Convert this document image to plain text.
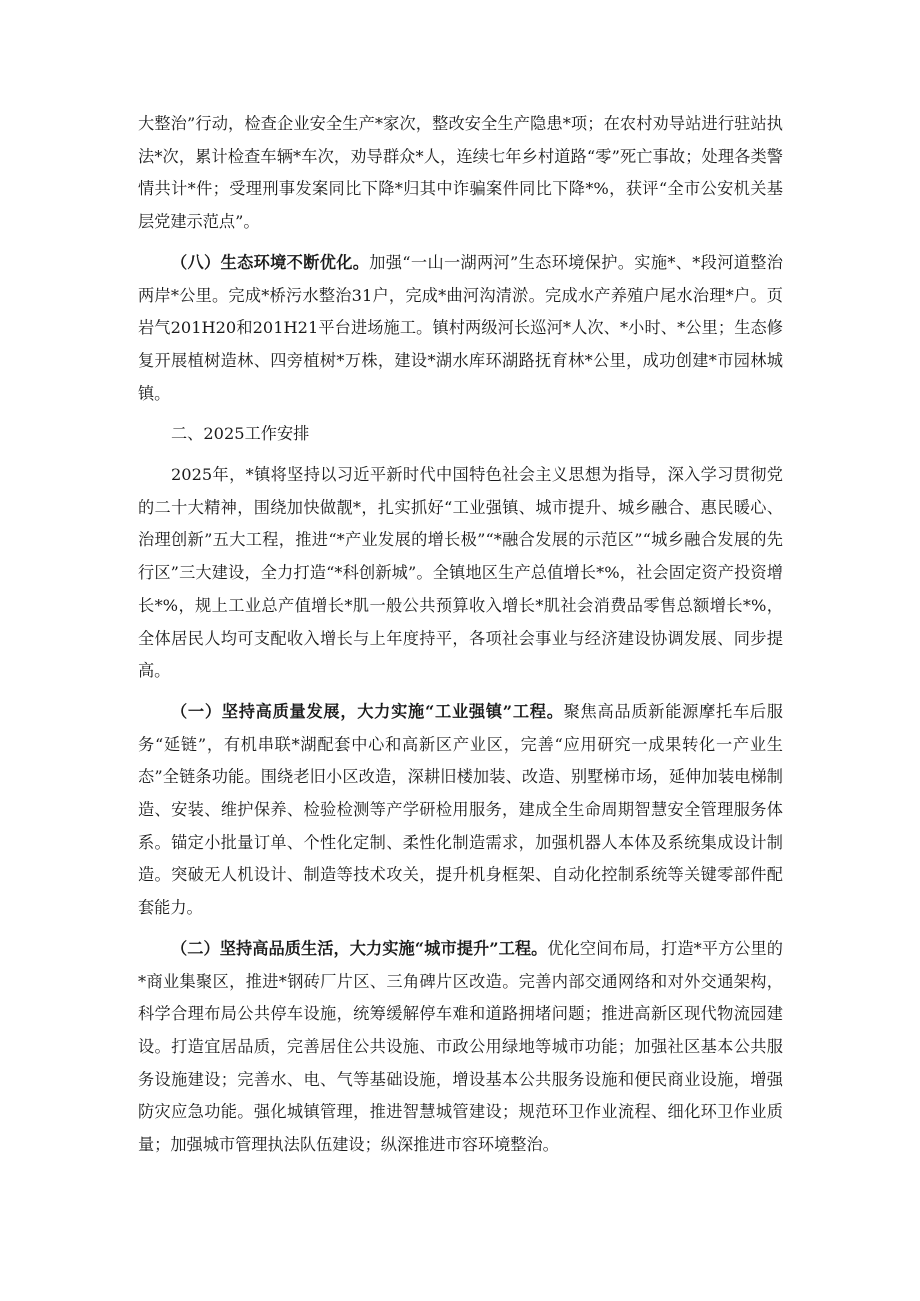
大整治”行动，检查企业安全生产*家次，整改安全生产隐患*项；在农村劝导站进行驻站执法*次，累计检查车辆*车次，劝导群众*人，连续七年乡村道路“零”死亡事故；处理各类警情共计*件；受理刑事发案同比下降*归其中诈骗案件同比下降*%，获评“全市公安机关基层党建示范点”。

（八）生态环境不断优化。加强“一山一湖两河”生态环境保护。实施*、*段河道整治两岸*公里。完成*桥污水整治31户，完成*曲河沟清淤。完成水产养殖户尾水治理*户。页岩气201H20和201H21平台进场施工。镇村两级河长巡河*人次、*小时、*公里；生态修复开展植树造林、四旁植树*万株，建设*湖水库环湖路抚育林*公里，成功创建*市园林城镇。

二、2025工作安排

2025年，*镇将坚持以习近平新时代中国特色社会主义思想为指导，深入学习贯彻党的二十大精神，围绕加快做靓*，扎实抓好“工业强镇、城市提升、城乡融合、惠民暖心、治理创新”五大工程，推进“*产业发展的增长极”“*融合发展的示范区”“城乡融合发展的先行区”三大建设，全力打造“*科创新城”。全镇地区生产总值增长*%，社会固定资产投资增长*%，规上工业总产值增长*肌一般公共预算收入增长*肌社会消费品零售总额增长*%，全体居民人均可支配收入增长与上年度持平，各项社会事业与经济建设协调发展、同步提高。

（一）坚持高质量发展，大力实施“工业强镇”工程。聚焦高品质新能源摩托车后服务“延链”，有机串联*湖配套中心和高新区产业区，完善“应用研究一成果转化一产业生态”全链条功能。围绕老旧小区改造，深耕旧楼加装、改造、别墅梯市场，延伸加装电梯制造、安装、维护保养、检验检测等产学研检用服务，建成全生命周期智慧安全管理服务体系。锚定小批量订单、个性化定制、柔性化制造需求，加强机器人本体及系统集成设计制造。突破无人机设计、制造等技术攻关，提升机身框架、自动化控制系统等关键零部件配套能力。

（二）坚持高品质生活，大力实施“城市提升”工程。优化空间布局，打造*平方公里的*商业集聚区，推进*钢砖厂片区、三角碑片区改造。完善内部交通网络和对外交通架构，科学合理布局公共停车设施，统筹缓解停车难和道路拥堵问题；推进高新区现代物流园建设。打造宜居品质，完善居住公共设施、市政公用绿地等城市功能；加强社区基本公共服务设施建设；完善水、电、气等基础设施，增设基本公共服务设施和便民商业设施，增强防灾应急功能。强化城镇管理，推进智慧城管建设；规范环卫作业流程、细化环卫作业质量；加强城市管理执法队伍建设；纵深推进市容环境整治。
